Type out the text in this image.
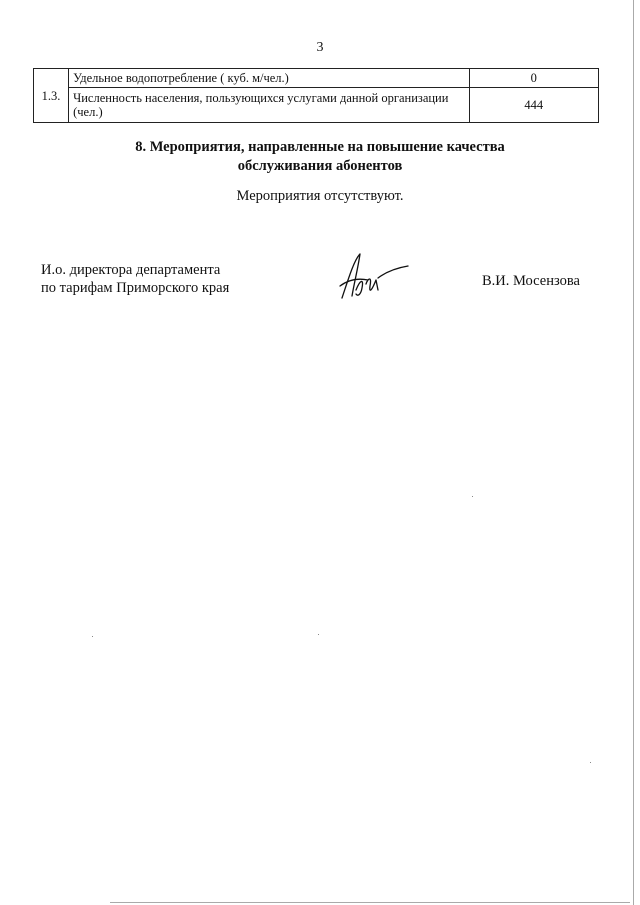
3
1.3.	Удельное водопотребление ( куб. м/чел.)	0
	Численность населения, пользующихся услугами данной организации (чел.)	444
8. Мероприятия, направленные на повышение качества
обслуживания абонентов
Мероприятия отсутствуют.
И.о. директора департамента
по тарифам Приморского края	В.И. Мосензова
